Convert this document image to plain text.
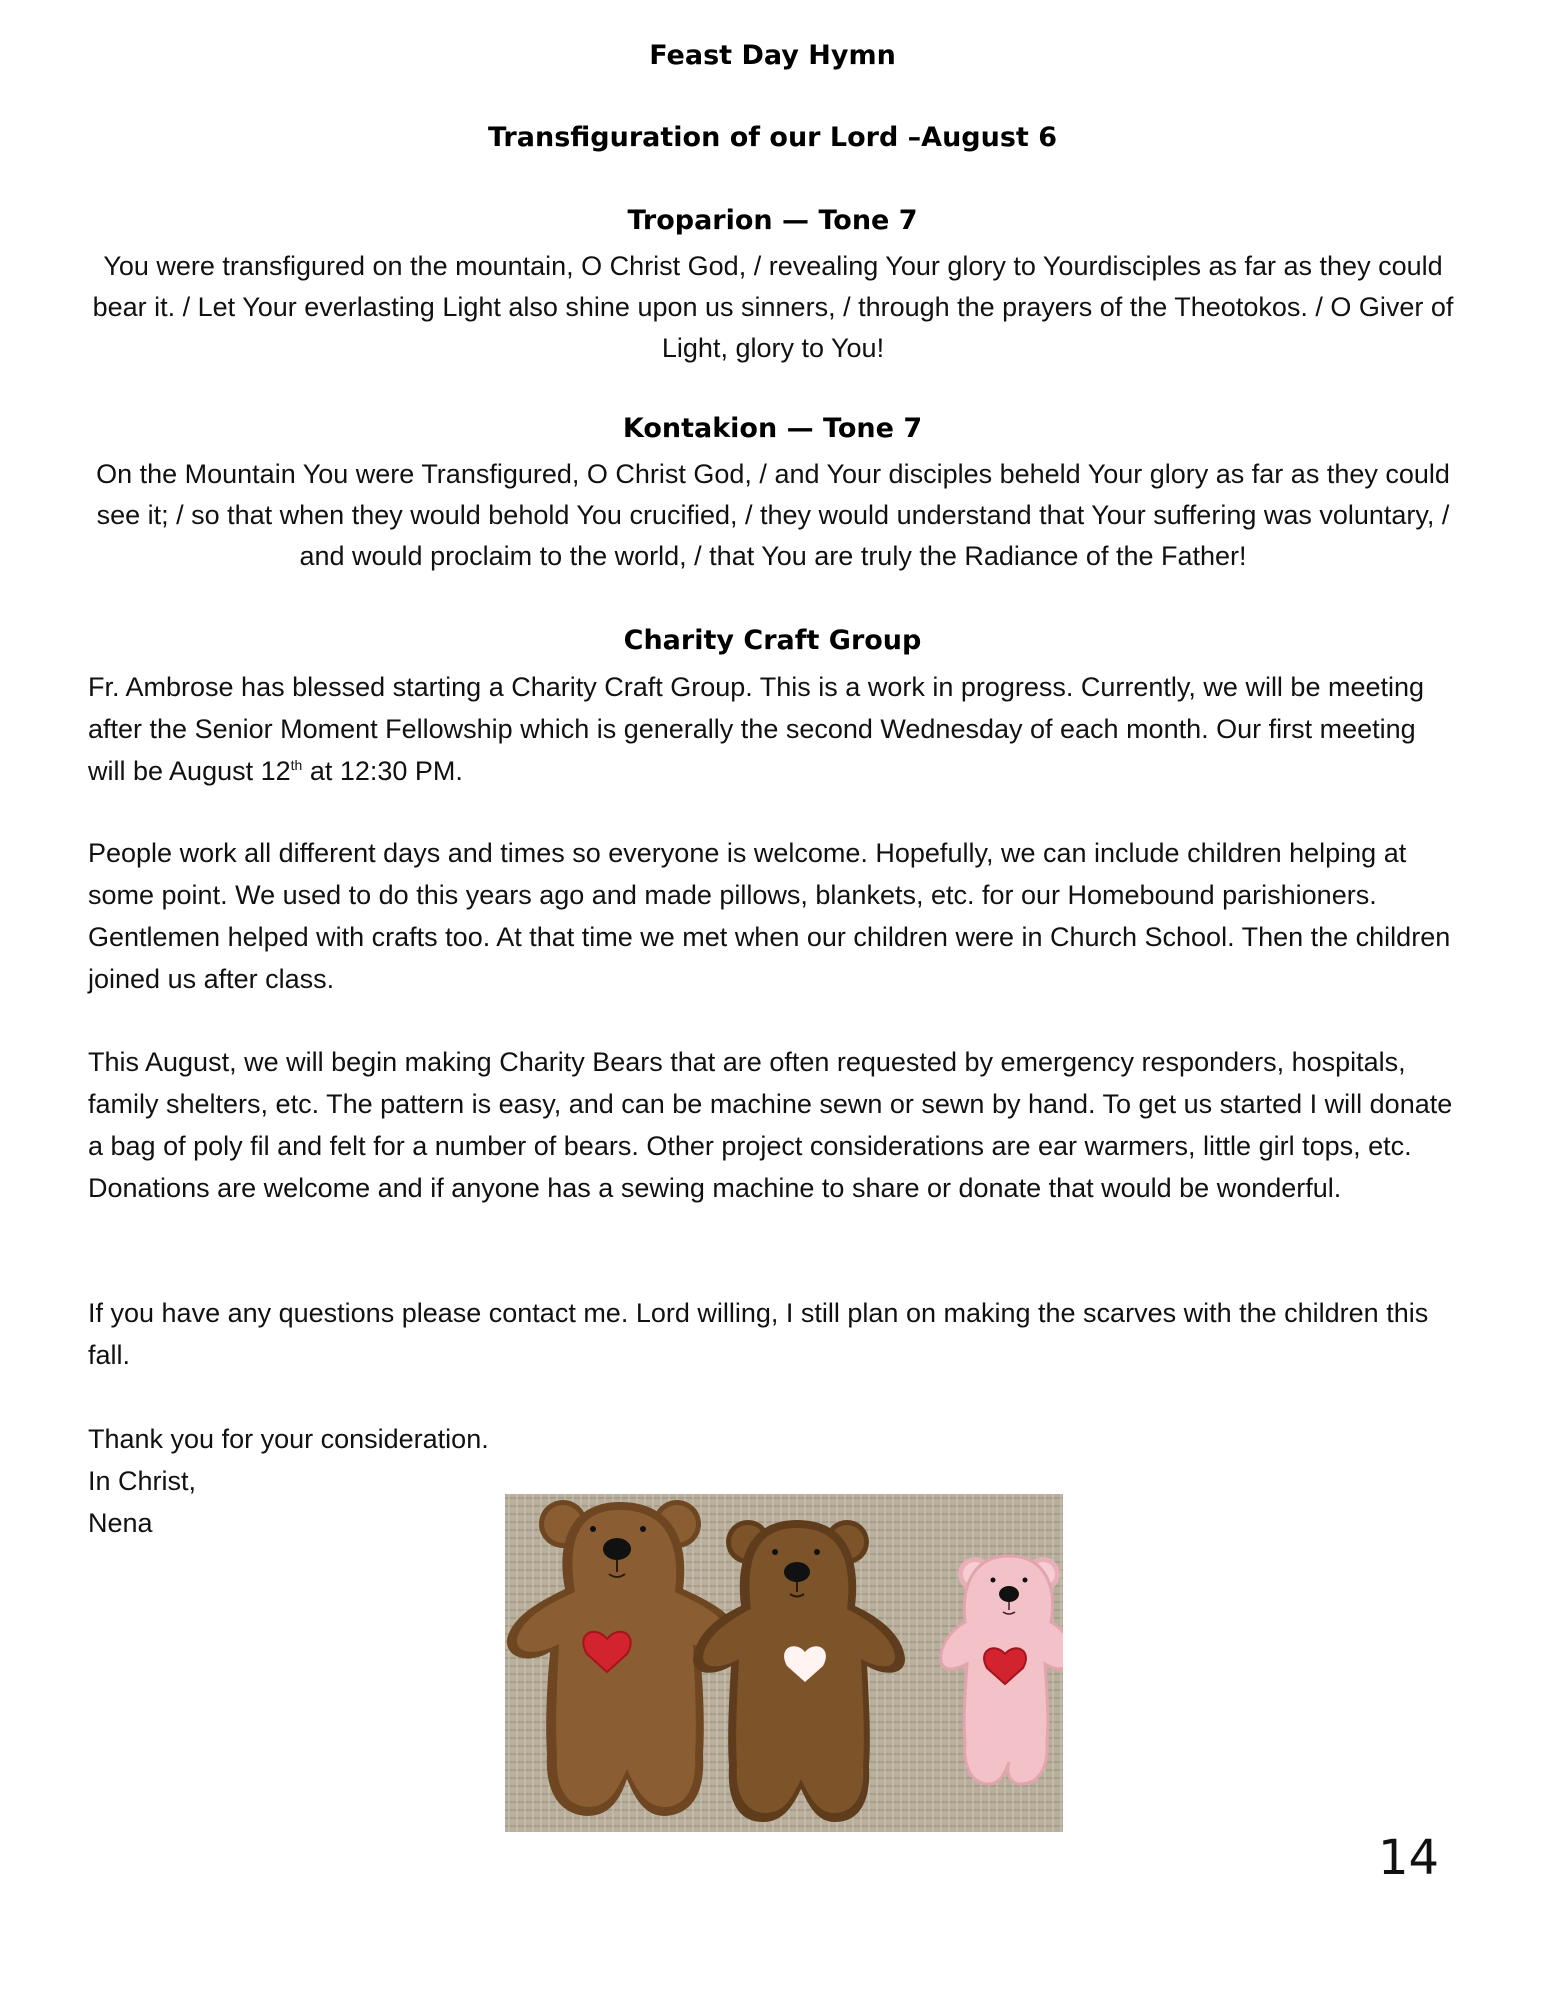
Feast Day Hymn
Transfiguration of our Lord –August 6
Troparion — Tone 7

You were transfigured on the mountain, O Christ God, / revealing Your glory to Yourdisciples as far as they could bear it. / Let Your everlasting Light also shine upon us sinners, / through the prayers of the Theotokos. / O Giver of Light, glory to You!

Kontakion — Tone 7

On the Mountain You were Transfigured, O Christ God, / and Your disciples beheld Your glory as far as they could see it; / so that when they would behold You crucified, / they would understand that Your suffering was voluntary, / and would proclaim to the world, / that You are truly the Radiance of the Father!

Charity Craft Group

Fr. Ambrose has blessed starting a Charity Craft Group. This is a work in progress. Currently, we will be meeting after the Senior Moment Fellowship which is generally the second Wednesday of each month. Our first meeting will be August 12th at 12:30 PM.

People work all different days and times so everyone is welcome. Hopefully, we can include children helping at some point. We used to do this years ago and made pillows, blankets, etc. for our Homebound parishioners. Gentlemen helped with crafts too. At that time we met when our children were in Church School. Then the children joined us after class.

This August, we will begin making Charity Bears that are often requested by emergency responders, hospitals, family shelters, etc. The pattern is easy, and can be machine sewn or sewn by hand. To get us started I will donate a bag of poly fil and felt for a number of bears. Other project considerations are ear warmers, little girl tops, etc. Donations are welcome and if anyone has a sewing machine to share or donate that would be wonderful.

If you have any questions please contact me. Lord willing, I still plan on making the scarves with the children this fall.

Thank you for your consideration.

In Christ,

Nena

14
